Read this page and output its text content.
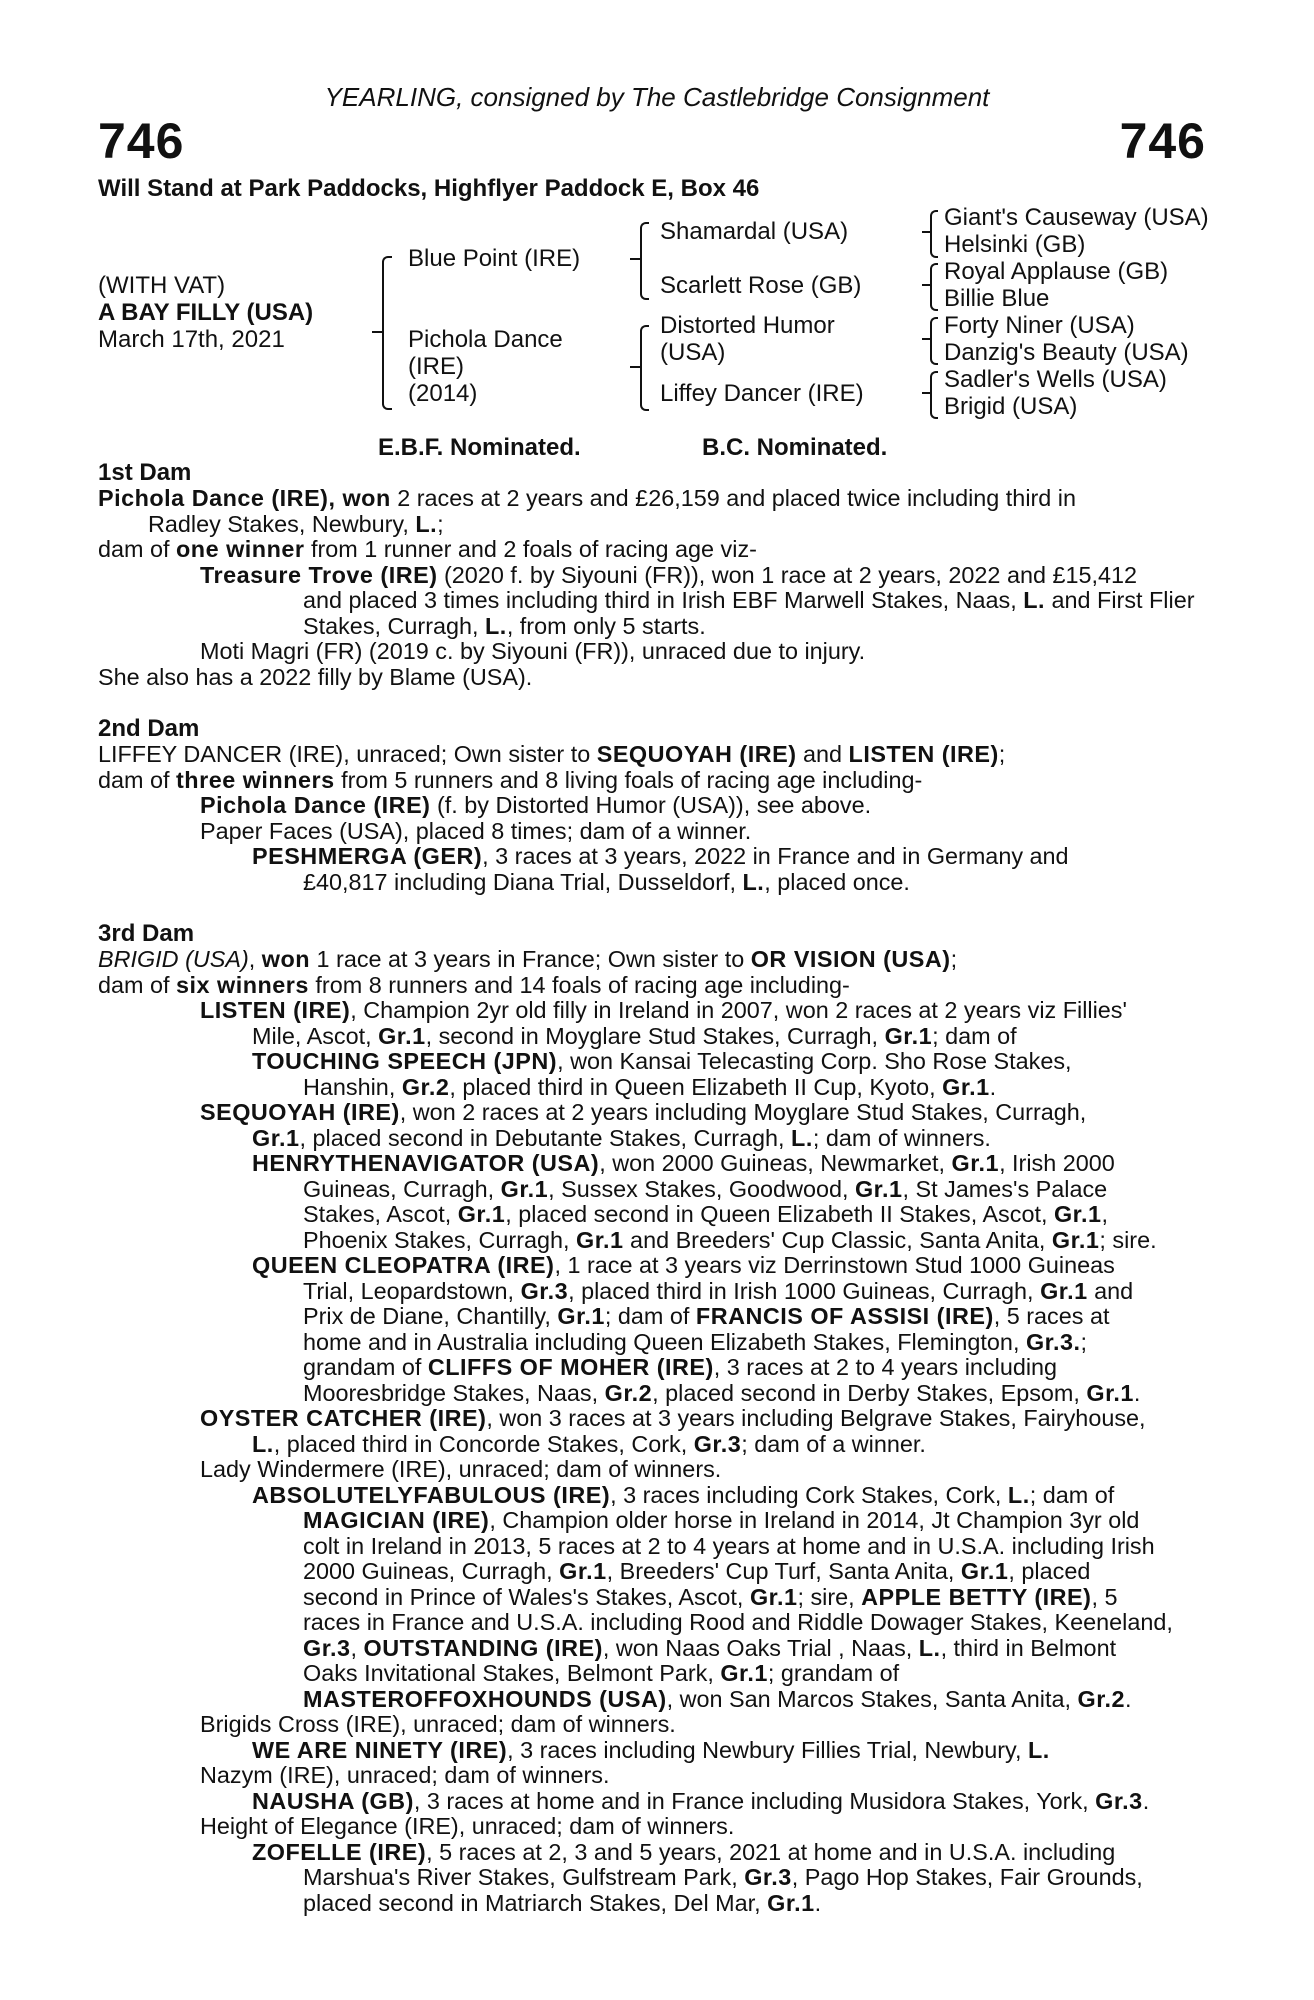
YEARLING, consigned by The Castlebridge Consignment
746	746
Will Stand at Park Paddocks, Highflyer Paddock E, Box 46
(WITH VAT)
A BAY FILLY (USA)
March 17th, 2021
Blue Point (IRE)
Pichola Dance
(IRE)
(2014)
Shamardal (USA)
Scarlett Rose (GB)
Distorted Humor
(USA)
Liffey Dancer (IRE)
Giant's Causeway (USA)
Helsinki (GB)
Royal Applause (GB)
Billie Blue
Forty Niner (USA)
Danzig's Beauty (USA)
Sadler's Wells (USA)
Brigid (USA)
E.B.F. Nominated.	B.C. Nominated.
1st Dam
Pichola Dance (IRE), won 2 races at 2 years and £26,159 and placed twice including third in
Radley Stakes, Newbury, L.;
dam of one winner from 1 runner and 2 foals of racing age viz-
Treasure Trove (IRE) (2020 f. by Siyouni (FR)), won 1 race at 2 years, 2022 and £15,412
and placed 3 times including third in Irish EBF Marwell Stakes, Naas, L. and First Flier
Stakes, Curragh, L., from only 5 starts.
Moti Magri (FR) (2019 c. by Siyouni (FR)), unraced due to injury.
She also has a 2022 filly by Blame (USA).
2nd Dam
LIFFEY DANCER (IRE), unraced; Own sister to SEQUOYAH (IRE) and LISTEN (IRE);
dam of three winners from 5 runners and 8 living foals of racing age including-
Pichola Dance (IRE) (f. by Distorted Humor (USA)), see above.
Paper Faces (USA), placed 8 times; dam of a winner.
PESHMERGA (GER), 3 races at 3 years, 2022 in France and in Germany and
£40,817 including Diana Trial, Dusseldorf, L., placed once.
3rd Dam
BRIGID (USA), won 1 race at 3 years in France; Own sister to OR VISION (USA);
dam of six winners from 8 runners and 14 foals of racing age including-
LISTEN (IRE), Champion 2yr old filly in Ireland in 2007, won 2 races at 2 years viz Fillies'
Mile, Ascot, Gr.1, second in Moyglare Stud Stakes, Curragh, Gr.1; dam of
TOUCHING SPEECH (JPN), won Kansai Telecasting Corp. Sho Rose Stakes,
Hanshin, Gr.2, placed third in Queen Elizabeth II Cup, Kyoto, Gr.1.
SEQUOYAH (IRE), won 2 races at 2 years including Moyglare Stud Stakes, Curragh,
Gr.1, placed second in Debutante Stakes, Curragh, L.; dam of winners.
HENRYTHENAVIGATOR (USA), won 2000 Guineas, Newmarket, Gr.1, Irish 2000
Guineas, Curragh, Gr.1, Sussex Stakes, Goodwood, Gr.1, St James's Palace
Stakes, Ascot, Gr.1, placed second in Queen Elizabeth II Stakes, Ascot, Gr.1,
Phoenix Stakes, Curragh, Gr.1 and Breeders' Cup Classic, Santa Anita, Gr.1; sire.
QUEEN CLEOPATRA (IRE), 1 race at 3 years viz Derrinstown Stud 1000 Guineas
Trial, Leopardstown, Gr.3, placed third in Irish 1000 Guineas, Curragh, Gr.1 and
Prix de Diane, Chantilly, Gr.1; dam of FRANCIS OF ASSISI (IRE), 5 races at
home and in Australia including Queen Elizabeth Stakes, Flemington, Gr.3.;
grandam of CLIFFS OF MOHER (IRE), 3 races at 2 to 4 years including
Mooresbridge Stakes, Naas, Gr.2, placed second in Derby Stakes, Epsom, Gr.1.
OYSTER CATCHER (IRE), won 3 races at 3 years including Belgrave Stakes, Fairyhouse,
L., placed third in Concorde Stakes, Cork, Gr.3; dam of a winner.
Lady Windermere (IRE), unraced; dam of winners.
ABSOLUTELYFABULOUS (IRE), 3 races including Cork Stakes, Cork, L.; dam of
MAGICIAN (IRE), Champion older horse in Ireland in 2014, Jt Champion 3yr old
colt in Ireland in 2013, 5 races at 2 to 4 years at home and in U.S.A. including Irish
2000 Guineas, Curragh, Gr.1, Breeders' Cup Turf, Santa Anita, Gr.1, placed
second in Prince of Wales's Stakes, Ascot, Gr.1; sire, APPLE BETTY (IRE), 5
races in France and U.S.A. including Rood and Riddle Dowager Stakes, Keeneland,
Gr.3, OUTSTANDING (IRE), won Naas Oaks Trial , Naas, L., third in Belmont
Oaks Invitational Stakes, Belmont Park, Gr.1; grandam of
MASTEROFFOXHOUNDS (USA), won San Marcos Stakes, Santa Anita, Gr.2.
Brigids Cross (IRE), unraced; dam of winners.
WE ARE NINETY (IRE), 3 races including Newbury Fillies Trial, Newbury, L.
Nazym (IRE), unraced; dam of winners.
NAUSHA (GB), 3 races at home and in France including Musidora Stakes, York, Gr.3.
Height of Elegance (IRE), unraced; dam of winners.
ZOFELLE (IRE), 5 races at 2, 3 and 5 years, 2021 at home and in U.S.A. including
Marshua's River Stakes, Gulfstream Park, Gr.3, Pago Hop Stakes, Fair Grounds,
placed second in Matriarch Stakes, Del Mar, Gr.1.
